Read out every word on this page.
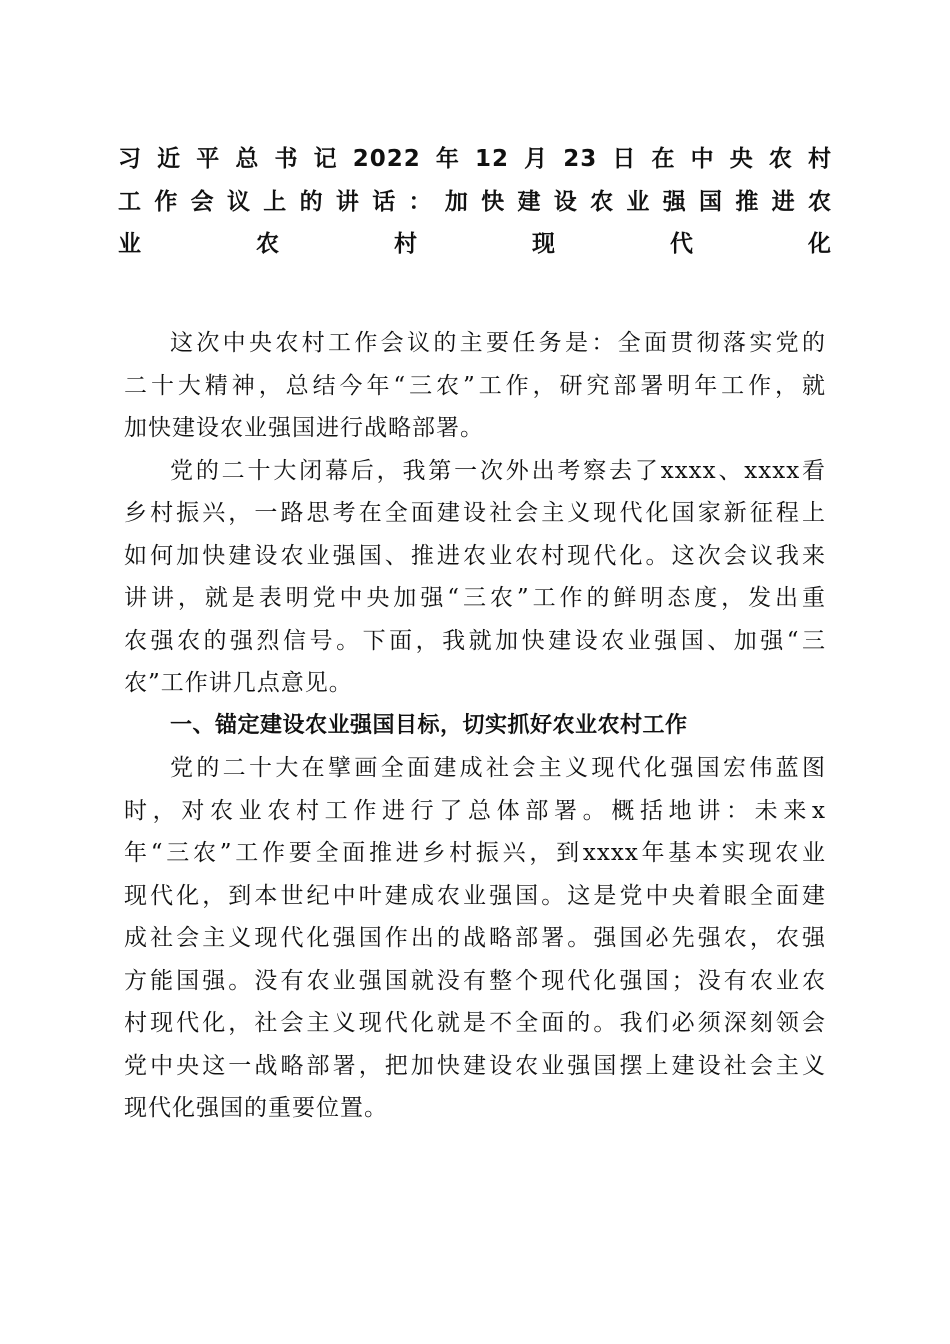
习近平总书记2022年12月23日在中央农村
工作会议上的讲话：加快建设农业强国推进农
业农村现代化
这次中央农村工作会议的主要任务是：全面贯彻落实党的
二十大精神，总结今年“三农”工作，研究部署明年工作，就
加快建设农业强国进行战略部署。
党的二十大闭幕后，我第一次外出考察去了xxxx、xxxx看
乡村振兴，一路思考在全面建设社会主义现代化国家新征程上
如何加快建设农业强国、推进农业农村现代化。这次会议我来
讲讲，就是表明党中央加强“三农”工作的鲜明态度，发出重
农强农的强烈信号。下面，我就加快建设农业强国、加强“三
农”工作讲几点意见。
一、锚定建设农业强国目标，切实抓好农业农村工作
党的二十大在擘画全面建成社会主义现代化强国宏伟蓝图
时，对农业农村工作进行了总体部署。概括地讲：未来x
年“三农”工作要全面推进乡村振兴，到xxxx年基本实现农业
现代化，到本世纪中叶建成农业强国。这是党中央着眼全面建
成社会主义现代化强国作出的战略部署。强国必先强农，农强
方能国强。没有农业强国就没有整个现代化强国；没有农业农
村现代化，社会主义现代化就是不全面的。我们必须深刻领会
党中央这一战略部署，把加快建设农业强国摆上建设社会主义
现代化强国的重要位置。
